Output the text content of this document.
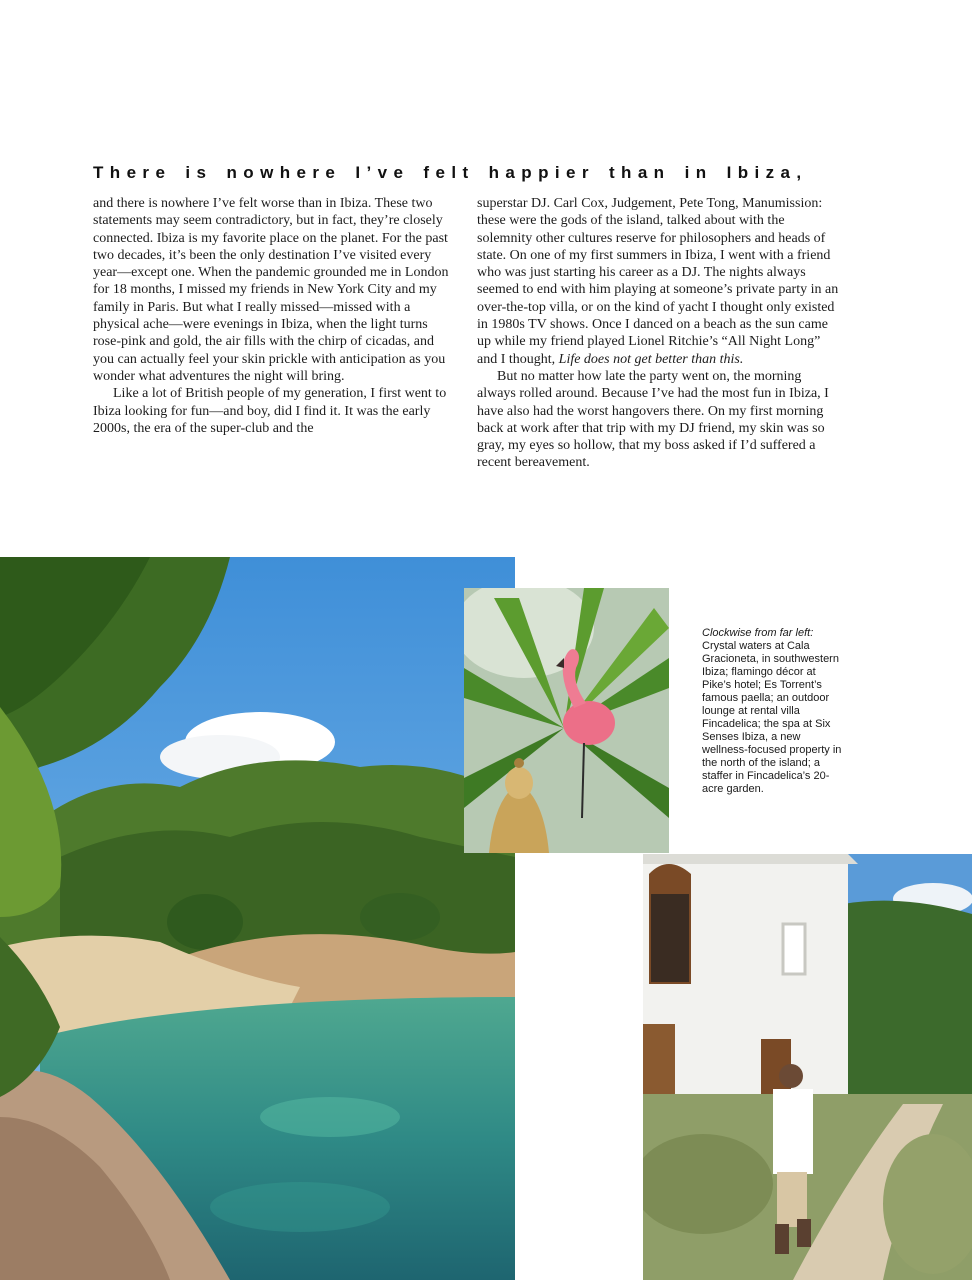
There is nowhere I’ve felt happier than in Ibiza,

and there is nowhere I’ve felt worse than in Ibiza. These two statements may seem contradictory, but in fact, they’re closely connected. Ibiza is my favorite place on the planet. For the past two decades, it’s been the only destination I’ve visited every year—except one. When the pandemic grounded me in London for 18 months, I missed my friends in New York City and my family in Paris. But what I really missed—missed with a physical ache—were evenings in Ibiza, when the light turns rose-pink and gold, the air fills with the chirp of cicadas, and you can actually feel your skin prickle with anticipation as you wonder what adventures the night will bring.

Like a lot of British people of my generation, I first went to Ibiza looking for fun—and boy, did I find it. It was the early 2000s, the era of the super-club and the

superstar DJ. Carl Cox, Judgement, Pete Tong, Manumission: these were the gods of the island, talked about with the solemnity other cultures reserve for philosophers and heads of state. On one of my first summers in Ibiza, I went with a friend who was just starting his career as a DJ. The nights always seemed to end with him playing at someone’s private party in an over-the-top villa, or on the kind of yacht I thought only existed in 1980s TV shows. Once I danced on a beach as the sun came up while my friend played Lionel Ritchie’s “All Night Long” and I thought, Life does not get better than this.

But no matter how late the party went on, the morning always rolled around. Because I’ve had the most fun in Ibiza, I have also had the worst hangovers there. On my first morning back at work after that trip with my DJ friend, my skin was so gray, my eyes so hollow, that my boss asked if I’d suffered a recent bereavement.

Clockwise from far left: Crystal waters at Cala Gracioneta, in southwestern Ibiza; flamingo décor at Pike’s hotel; Es Torrent’s famous paella; an outdoor lounge at rental villa Fincadelica; the spa at Six Senses Ibiza, a new wellness-focused property in the north of the island; a staffer in Fincadelica’s 20-acre garden.
